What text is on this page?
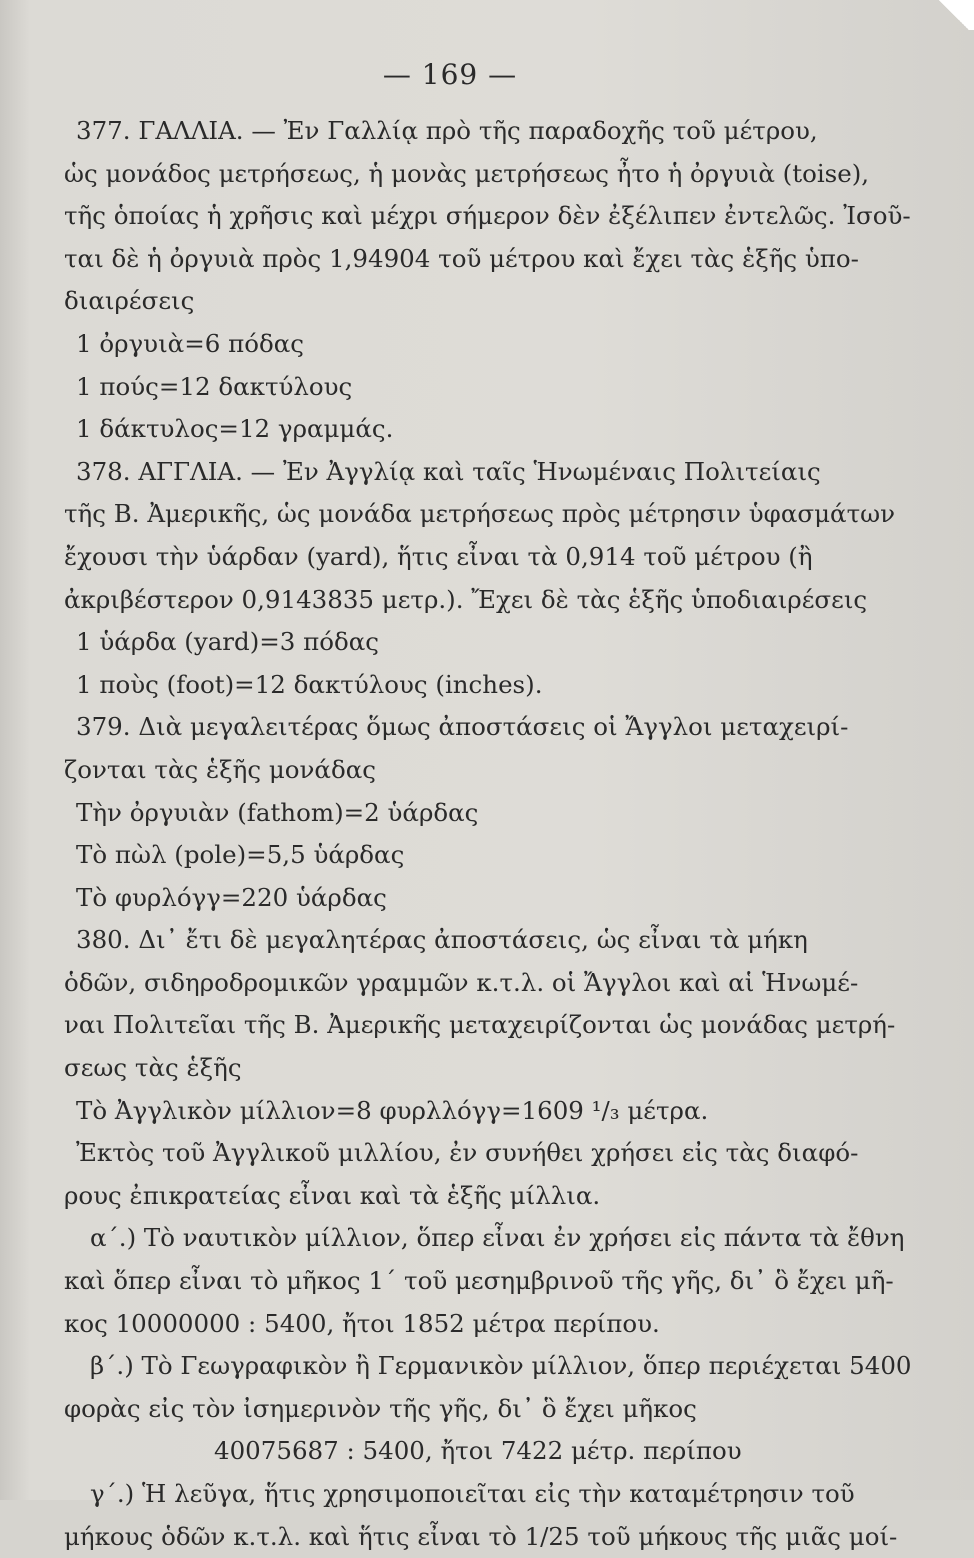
— 169 —
377. ΓΑΛΛΙΑ. — Ἐν Γαλλίᾳ πρὸ τῆς παραδοχῆς τοῦ μέτρου,
ὡς μονάδος μετρήσεως, ἡ μονὰς μετρήσεως ἦτο ἡ ὀργυιὰ (toise),
τῆς ὁποίας ἡ χρῆσις καὶ μέχρι σήμερον δὲν ἐξέλιπεν ἐντελῶς. Ἰσοῦ-
ται δὲ ἡ ὀργυιὰ πρὸς 1,94904 τοῦ μέτρου καὶ ἔχει τὰς ἑξῆς ὑπο-
διαιρέσεις
1 ὀργυιὰ=6 πόδας
1 πούς=12 δακτύλους
1 δάκτυλος=12 γραμμάς.
378. ΑΓΓΛΙΑ. — Ἐν Ἀγγλίᾳ καὶ ταῖς Ἡνωμέναις Πολιτείαις
τῆς Β. Ἀμερικῆς, ὡς μονάδα μετρήσεως πρὸς μέτρησιν ὑφασμάτων
ἔχουσι τὴν ὑάρδαν (yard), ἥτις εἶναι τὰ 0,914 τοῦ μέτρου (ἢ
ἀκριβέστερον 0,9143835 μετρ.). Ἔχει δὲ τὰς ἑξῆς ὑποδιαιρέσεις
1 ὑάρδα (yard)=3 πόδας
1 ποὺς (foot)=12 δακτύλους (inches).
379. Διὰ μεγαλειτέρας ὅμως ἀποστάσεις οἱ Ἄγγλοι μεταχειρί-
ζονται τὰς ἑξῆς μονάδας
Τὴν ὀργυιὰν (fathom)=2 ὑάρδας
Τὸ πὼλ (pole)=5,5 ὑάρδας
Τὸ φυρλόγγ=220 ὑάρδας
380. Δι᾽ ἔτι δὲ μεγαλητέρας ἀποστάσεις, ὡς εἶναι τὰ μήκη
ὁδῶν, σιδηροδρομικῶν γραμμῶν κ.τ.λ. οἱ Ἄγγλοι καὶ αἱ Ἡνωμέ-
ναι Πολιτεῖαι τῆς Β. Ἀμερικῆς μεταχειρίζονται ὡς μονάδας μετρή-
σεως τὰς ἑξῆς
Τὸ Ἀγγλικὸν μίλλιον=8 φυρλλόγγ=1609 ¹/₃ μέτρα.
Ἐκτὸς τοῦ Ἀγγλικοῦ μιλλίου, ἐν συνήθει χρήσει εἰς τὰς διαφό-
ρους ἐπικρατείας εἶναι καὶ τὰ ἑξῆς μίλλια.
α΄.) Τὸ ναυτικὸν μίλλιον, ὅπερ εἶναι ἐν χρήσει εἰς πάντα τὰ ἔθνη
καὶ ὅπερ εἶναι τὸ μῆκος 1΄ τοῦ μεσημβρινοῦ τῆς γῆς, δι᾽ ὃ ἔχει μῆ-
κος 10000000 : 5400, ἤτοι 1852 μέτρα περίπου.
β΄.) Τὸ Γεωγραφικὸν ἢ Γερμανικὸν μίλλιον, ὅπερ περιέχεται 5400
φορὰς εἰς τὸν ἰσημερινὸν τῆς γῆς, δι᾽ ὃ ἔχει μῆκος
40075687 : 5400, ἤτοι 7422 μέτρ. περίπου
γ΄.) Ἡ λεῦγα, ἥτις χρησιμοποιεῖται εἰς τὴν καταμέτρησιν τοῦ
μήκους ὁδῶν κ.τ.λ. καὶ ἥτις εἶναι τὸ 1/25 τοῦ μήκους τῆς μιᾶς μοί-
